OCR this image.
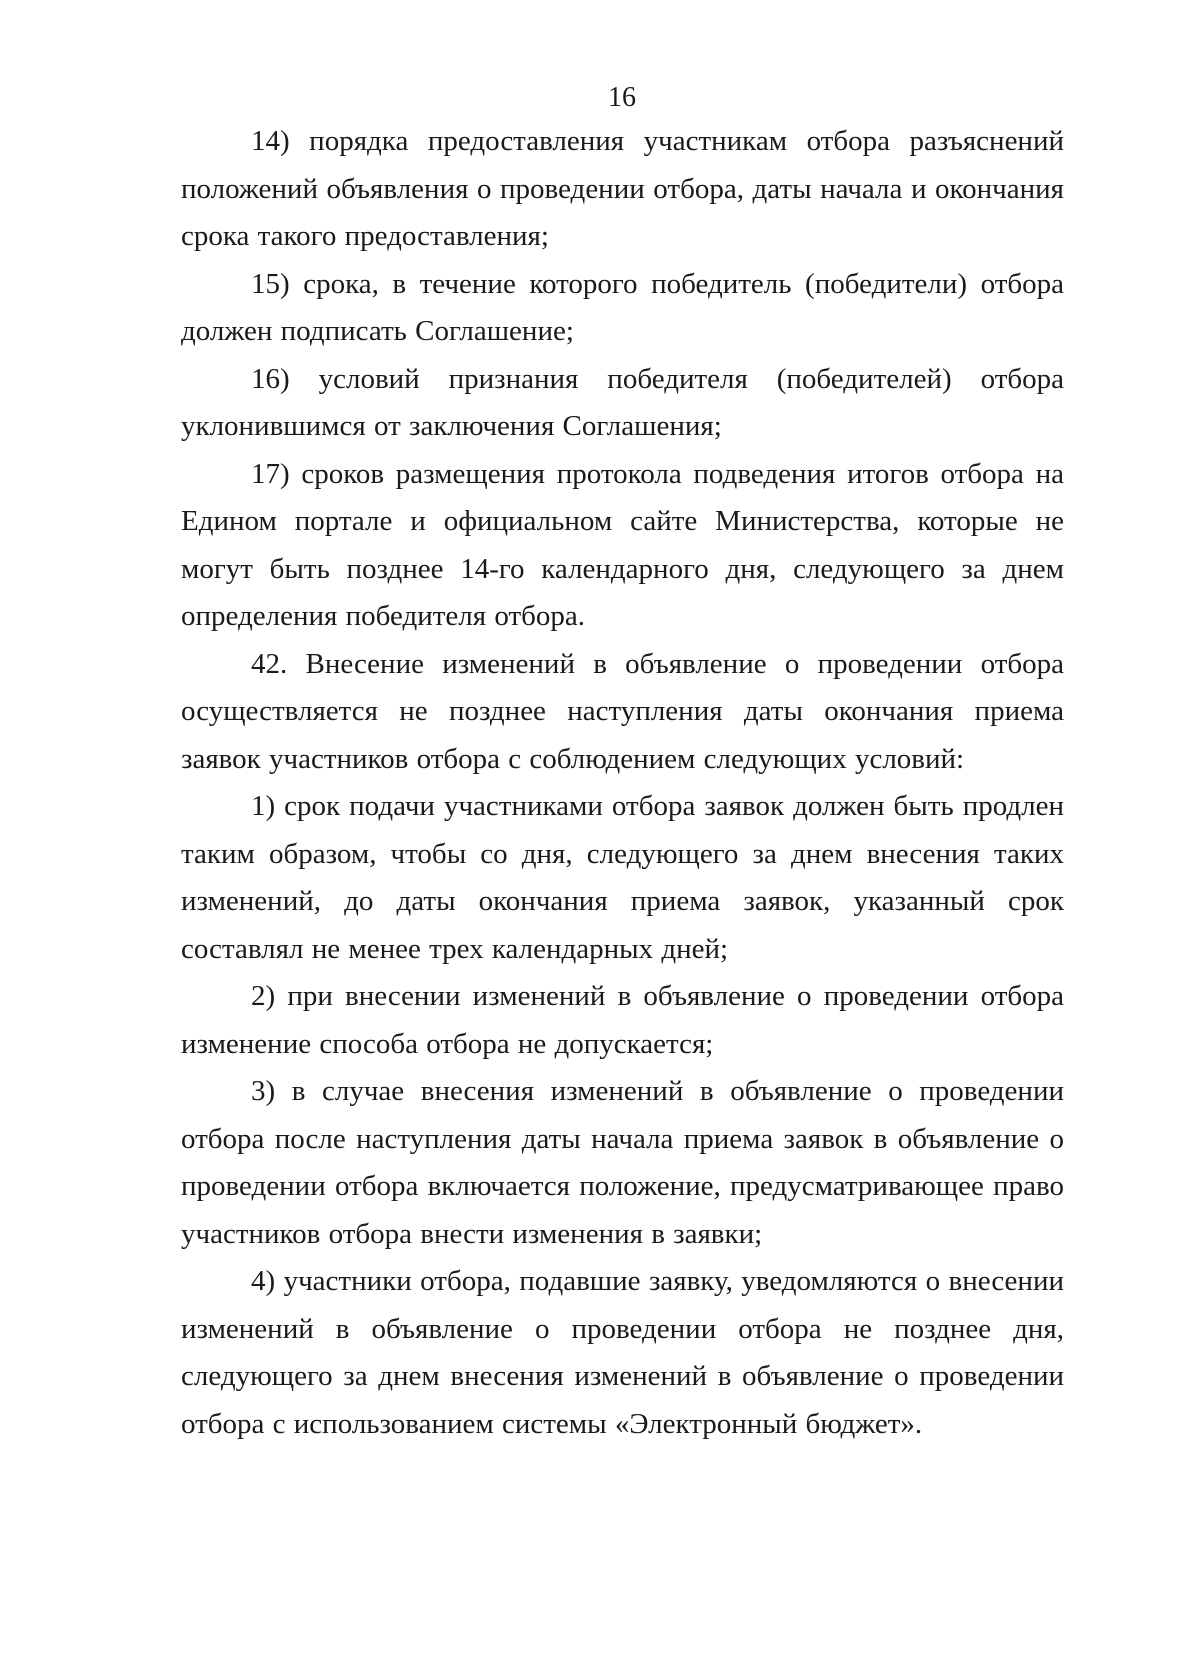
16

14) порядка предоставления участникам отбора разъяснений положений объявления о проведении отбора, даты начала и окончания срока такого предоставления;

15) срока, в течение которого победитель (победители) отбора должен подписать Соглашение;

16) условий признания победителя (победителей) отбора уклонившимся от заключения Соглашения;

17) сроков размещения протокола подведения итогов отбора на Едином портале и официальном сайте Министерства, которые не могут быть позднее 14-го календарного дня, следующего за днем определения победителя отбора.

42. Внесение изменений в объявление о проведении отбора осуществляется не позднее наступления даты окончания приема заявок участников отбора с соблюдением следующих условий:

1) срок подачи участниками отбора заявок должен быть продлен таким образом, чтобы со дня, следующего за днем внесения таких изменений, до даты окончания приема заявок, указанный срок составлял не менее трех календарных дней;

2) при внесении изменений в объявление о проведении отбора изменение способа отбора не допускается;

3) в случае внесения изменений в объявление о проведении отбора после наступления даты начала приема заявок в объявление о проведении отбора включается положение, предусматривающее право участников отбора внести изменения в заявки;

4) участники отбора, подавшие заявку, уведомляются о внесении изменений в объявление о проведении отбора не позднее дня, следующего за днем внесения изменений в объявление о проведении отбора с использованием системы «Электронный бюджет».
